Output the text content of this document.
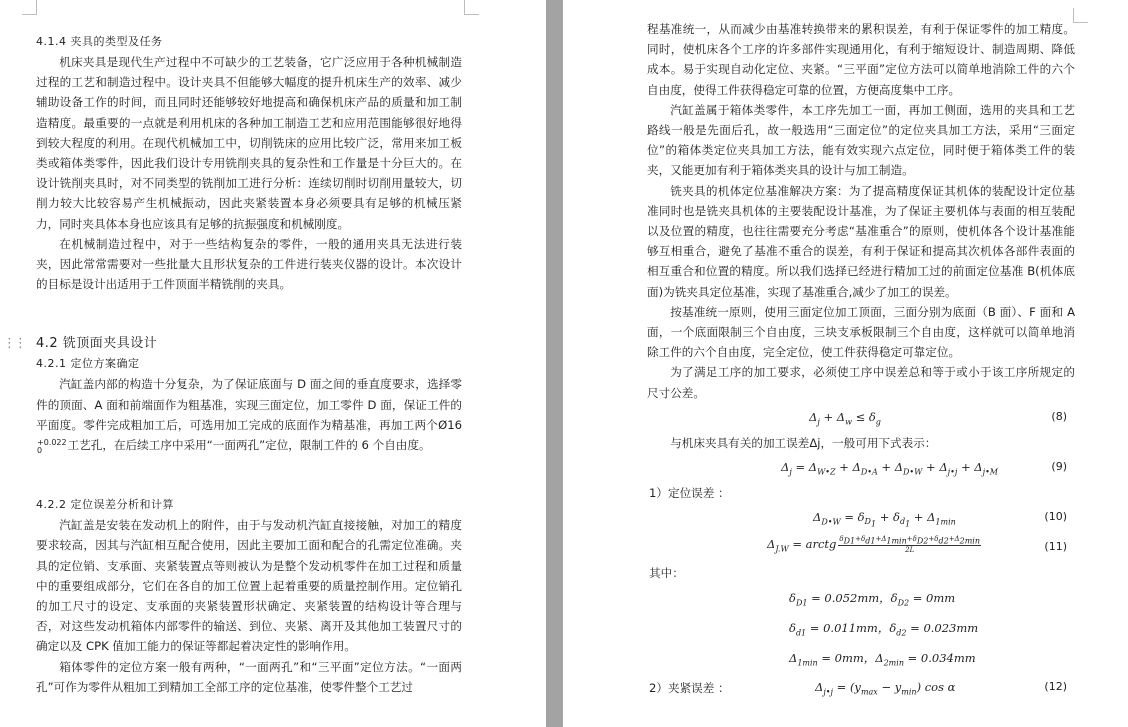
⋮⋮

4.1.4 夹具的类型及任务

机床夹具是现代生产过程中不可缺少的工艺装备，它广泛应用于各种机械制造过程的工艺和制造过程中。设计夹具不但能够大幅度的提升机床生产的效率、减少辅助设备工作的时间，而且同时还能够较好地提高和确保机床产品的质量和加工制造精度。最重要的一点就是利用机床的各种加工制造工艺和应用范围能够很好地得到较大程度的利用。在现代机械加工中，切削铣床的应用比较广泛，常用来加工板类或箱体类零件，因此我们设计专用铣削夹具的复杂性和工作量是十分巨大的。在设计铣削夹具时，对不同类型的铣削加工进行分析：连续切削时切削用量较大，切削力较大比较容易产生机械振动，因此夹紧装置本身必须要具有足够的机械压紧力，同时夹具体本身也应该具有足够的抗振强度和机械刚度。

在机械制造过程中，对于一些结构复杂的零件，一般的通用夹具无法进行装夹，因此常常需要对一些批量大且形状复杂的工件进行装夹仪器的设计。本次设计的目标是设计出适用于工件顶面半精铣削的夹具。

4.2 铣顶面夹具设计

4.2.1 定位方案确定

汽缸盖内部的构造十分复杂，为了保证底面与 D 面之间的垂直度要求，选择零件的顶面、A 面和前端面作为粗基准，实现三面定位，加工零件 D 面，保证工件的平面度。零件完成粗加工后，可选用加工完成的底面作为精基准，再加工两个Ø16
+0.022
0	工艺孔，在后续工序中采用“一面两孔”定位，限制工件的 6 个自由度。

4.2.2 定位误差分析和计算

汽缸盖是安装在发动机上的附件，由于与发动机汽缸直接接触，对加工的精度要求较高，因其与汽缸相互配合使用，因此主要加工面和配合的孔需定位准确。夹具的定位销、支承面、夹紧装置点等则被认为是整个发动机零件在加工过程和质量中的重要组成部分，它们在各自的加工位置上起着重要的质量控制作用。定位销孔的加工尺寸的设定、支承面的夹紧装置形状确定、夹紧装置的结构设计等合理与否，对这些发动机箱体内部零件的输送、到位、夹紧、离开及其他加工装置尺寸的确定以及 CPK 值加工能力的保证等都起着决定性的影响作用。

箱体零件的定位方案一般有两种，“一面两孔”和“三平面”定位方法。“一面两孔”可作为零件从粗加工到精加工全部工序的定位基准，使零件整个工艺过

程基准统一，从而减少由基准转换带来的累积误差，有利于保证零件的加工精度。同时，使机床各个工序的许多部件实现通用化，有利于缩短设计、制造周期、降低成本。易于实现自动化定位、夹紧。“三平面”定位方法可以简单地消除工件的六个自由度，使得工件获得稳定可靠的位置，方便高度集中工序。

汽缸盖属于箱体类零件，本工序先加工一面，再加工侧面，选用的夹具和工艺路线一般是先面后孔，故一般选用“三面定位”的定位夹具加工方法，采用“三面定位”的箱体类定位夹具加工方法，能有效实现六点定位，同时便于箱体类工件的装夹，又能更加有利于箱体类夹具的设计与加工制造。

铣夹具的机体定位基准解决方案：为了提高精度保证其机体的装配设计定位基准同时也是铣夹具机体的主要装配设计基准，为了保证主要机体与表面的相互装配以及位置的精度，也往往需要充分考虑“基准重合”的原则，使机体各个设计基准能够互相重合，避免了基准不重合的误差，有利于保证和提高其次机体各部件表面的相互重合和位置的精度。所以我们选择已经进行精加工过的前面定位基准 B(机体底面)为铣夹具定位基准，实现了基准重合,减少了加工的误差。

按基准统一原则，使用三面定位加工顶面，三面分别为底面（B 面）、F 面和 A 面，一个底面限制三个自由度，三块支承板限制三个自由度，这样就可以简单地消除工件的六个自由度，完全定位，使工件获得稳定可靠定位。

为了满足工序的加工要求，必须使工序中误差总和等于或小于该工序所规定的尺寸公差。

$\Delta_j + \Delta_w \le \delta_g$	(8)

与机床夹具有关的加工误差Δj，一般可用下式表示：

$\Delta_j = \Delta_{W•Z} + \Delta_{D•A} + \Delta_{D•W} + \Delta_{j•j} + \Delta_{j•M}$	(9)

1）定位误差 ：

$\Delta_{D•W} = \delta_{D_1} + \delta_{d_1} + \Delta_{1min}$	(10)
$\Delta_{J.W}$ = arctg $\delta_{D1}+\delta_{d1}+\Delta_{1min}+\delta_{D2}+\delta_{d2}+\Delta_{2min}$
2L	(11)

其中：

$\delta_{D1} = 0.052mm$，$\delta_{D2} = 0mm$
$\delta_{d1} = 0.011mm$，$\delta_{d2} = 0.023mm$
$\Delta_{1min} = 0mm$，$\Delta_{2min} = 0.034mm$
2）夹紧误差 ：	$\Delta_{j•j} = (y_{max} - y_{min})$ cos α	(12)
